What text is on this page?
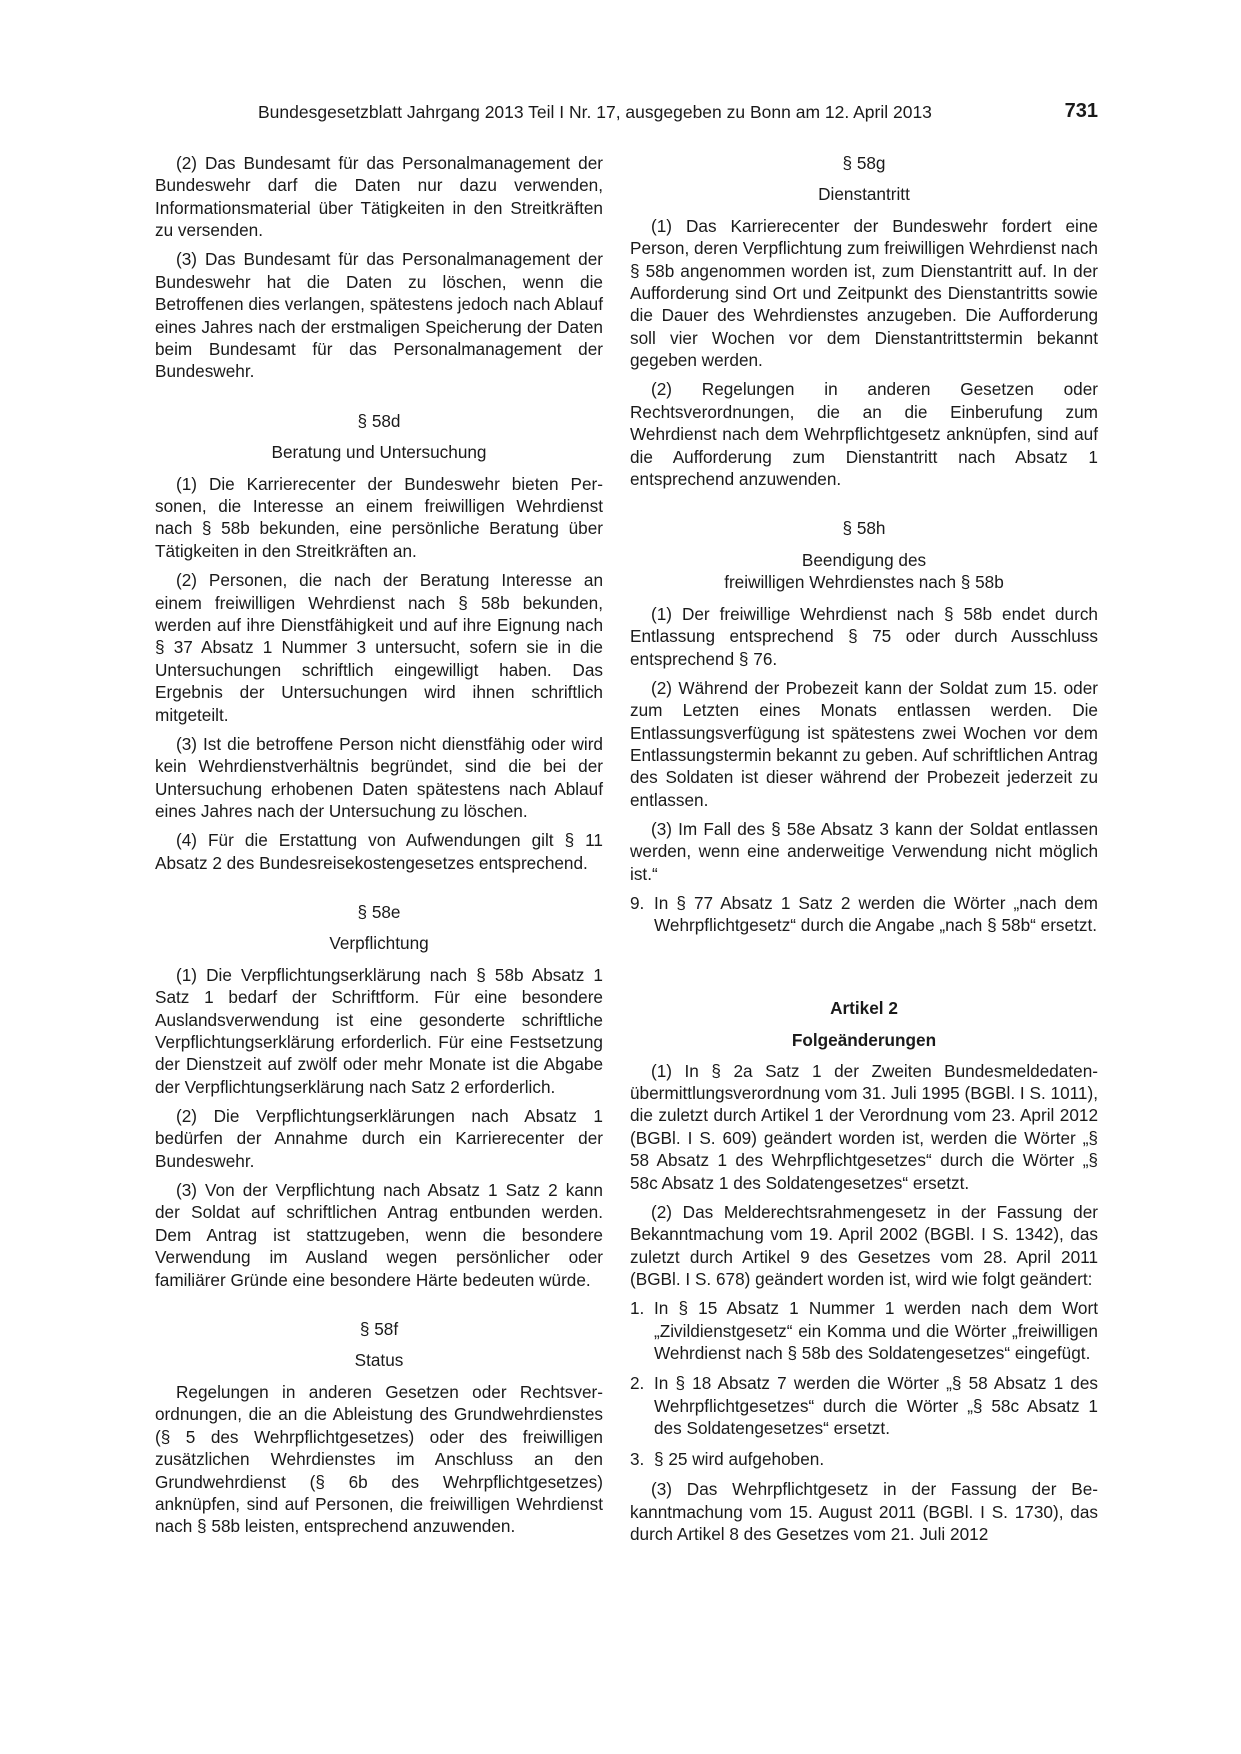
Bundesgesetzblatt Jahrgang 2013 Teil I Nr. 17, ausgegeben zu Bonn am 12. April 2013	731

(2) Das Bundesamt für das Personalmanagement der Bundeswehr darf die Daten nur dazu verwenden, Informationsmaterial über Tätigkeiten in den Streitkräften zu versenden.

(3) Das Bundesamt für das Personalmanagement der Bundeswehr hat die Daten zu löschen, wenn die Betroffenen dies verlangen, spätestens jedoch nach Ablauf eines Jahres nach der erstmaligen Speicherung der Daten beim Bundesamt für das Personalmanagement der Bundeswehr.

§ 58d
Beratung und Untersuchung

(1) Die Karrierecenter der Bundeswehr bieten Personen, die Interesse an einem freiwilligen Wehrdienst nach § 58b bekunden, eine persönliche Beratung über Tätigkeiten in den Streitkräften an.

(2) Personen, die nach der Beratung Interesse an einem freiwilligen Wehrdienst nach § 58b bekunden, werden auf ihre Dienstfähigkeit und auf ihre Eignung nach § 37 Absatz 1 Nummer 3 untersucht, sofern sie in die Untersuchungen schriftlich eingewilligt haben. Das Ergebnis der Untersuchungen wird ihnen schriftlich mitgeteilt.

(3) Ist die betroffene Person nicht dienstfähig oder wird kein Wehrdienstverhältnis begründet, sind die bei der Untersuchung erhobenen Daten spätestens nach Ablauf eines Jahres nach der Untersuchung zu löschen.

(4) Für die Erstattung von Aufwendungen gilt § 11 Absatz 2 des Bundesreisekostengesetzes entsprechend.

§ 58e
Verpflichtung

(1) Die Verpflichtungserklärung nach § 58b Absatz 1 Satz 1 bedarf der Schriftform. Für eine besondere Auslandsverwendung ist eine gesonderte schriftliche Verpflichtungserklärung erforderlich. Für eine Festsetzung der Dienstzeit auf zwölf oder mehr Monate ist die Abgabe der Verpflichtungserklärung nach Satz 2 erforderlich.

(2) Die Verpflichtungserklärungen nach Absatz 1 bedürfen der Annahme durch ein Karrierecenter der Bundeswehr.

(3) Von der Verpflichtung nach Absatz 1 Satz 2 kann der Soldat auf schriftlichen Antrag entbunden werden. Dem Antrag ist stattzugeben, wenn die besondere Verwendung im Ausland wegen persönlicher oder familiärer Gründe eine besondere Härte bedeuten würde.

§ 58f
Status

Regelungen in anderen Gesetzen oder Rechtsverordnungen, die an die Ableistung des Grundwehrdienstes (§ 5 des Wehrpflichtgesetzes) oder des freiwilligen zusätzlichen Wehrdienstes im Anschluss an den Grundwehrdienst (§ 6b des Wehrpflichtgesetzes) anknüpfen, sind auf Personen, die freiwilligen Wehrdienst nach § 58b leisten, entsprechend anzuwenden.

§ 58g
Dienstantritt

(1) Das Karrierecenter der Bundeswehr fordert eine Person, deren Verpflichtung zum freiwilligen Wehrdienst nach § 58b angenommen worden ist, zum Dienstantritt auf. In der Aufforderung sind Ort und Zeitpunkt des Dienstantritts sowie die Dauer des Wehrdienstes anzugeben. Die Aufforderung soll vier Wochen vor dem Dienstantrittstermin bekannt gegeben werden.

(2) Regelungen in anderen Gesetzen oder Rechtsverordnungen, die an die Einberufung zum Wehrdienst nach dem Wehrpflichtgesetz anknüpfen, sind auf die Aufforderung zum Dienstantritt nach Absatz 1 entsprechend anzuwenden.

§ 58h
Beendigung des
freiwilligen Wehrdienstes nach § 58b

(1) Der freiwillige Wehrdienst nach § 58b endet durch Entlassung entsprechend § 75 oder durch Ausschluss entsprechend § 76.

(2) Während der Probezeit kann der Soldat zum 15. oder zum Letzten eines Monats entlassen werden. Die Entlassungsverfügung ist spätestens zwei Wochen vor dem Entlassungstermin bekannt zu geben. Auf schriftlichen Antrag des Soldaten ist dieser während der Probezeit jederzeit zu entlassen.

(3) Im Fall des § 58e Absatz 3 kann der Soldat entlassen werden, wenn eine anderweitige Verwendung nicht möglich ist.“

9. In § 77 Absatz 1 Satz 2 werden die Wörter „nach dem Wehrpflichtgesetz“ durch die Angabe „nach § 58b“ ersetzt.
Artikel 2
Folgeänderungen

(1) In § 2a Satz 1 der Zweiten Bundesmeldedatenübermittlungsverordnung vom 31. Juli 1995 (BGBl. I S. 1011), die zuletzt durch Artikel 1 der Verordnung vom 23. April 2012 (BGBl. I S. 609) geändert worden ist, werden die Wörter „§ 58 Absatz 1 des Wehrpflichtgesetzes“ durch die Wörter „§ 58c Absatz 1 des Soldatengesetzes“ ersetzt.

(2) Das Melderechtsrahmengesetz in der Fassung der Bekanntmachung vom 19. April 2002 (BGBl. I S. 1342), das zuletzt durch Artikel 9 des Gesetzes vom 28. April 2011 (BGBl. I S. 678) geändert worden ist, wird wie folgt geändert:

1. In § 15 Absatz 1 Nummer 1 werden nach dem Wort „Zivildienstgesetz“ ein Komma und die Wörter „freiwilligen Wehrdienst nach § 58b des Soldatengesetzes“ eingefügt.
2. In § 18 Absatz 7 werden die Wörter „§ 58 Absatz 1 des Wehrpflichtgesetzes“ durch die Wörter „§ 58c Absatz 1 des Soldatengesetzes“ ersetzt.
3. § 25 wird aufgehoben.

(3) Das Wehrpflichtgesetz in der Fassung der Bekanntmachung vom 15. August 2011 (BGBl. I S. 1730), das durch Artikel 8 des Gesetzes vom 21. Juli 2012
